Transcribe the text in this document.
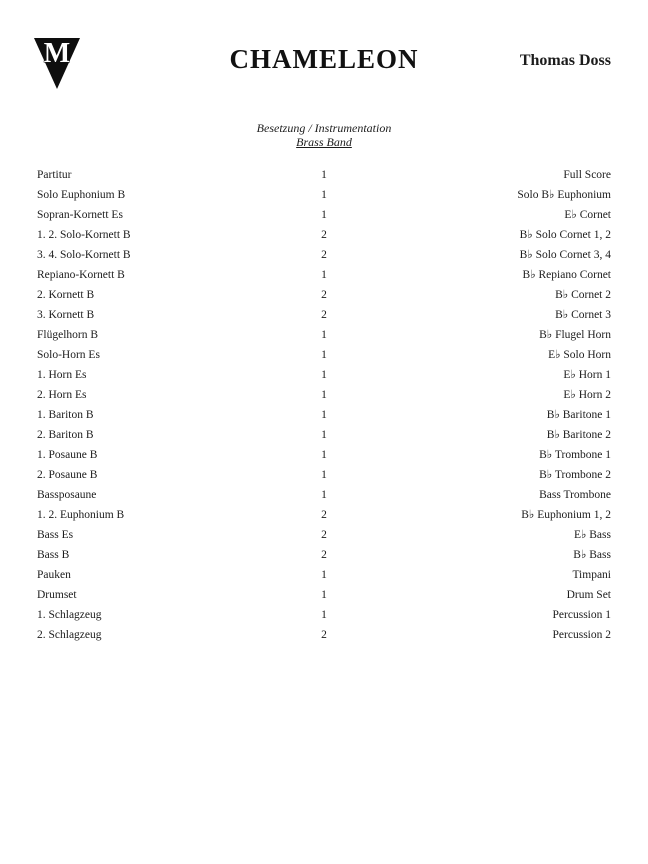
M	CHAMELEON	Thomas Doss
Besetzung / Instrumentation
Brass Band
Partitur	1	Full Score
Solo Euphonium B	1	Solo B♭ Euphonium
Sopran-Kornett Es	1	E♭ Cornet
1. 2. Solo-Kornett B	2	B♭ Solo Cornet 1, 2
3. 4. Solo-Kornett B	2	B♭ Solo Cornet 3, 4
Repiano-Kornett B	1	B♭ Repiano Cornet
2. Kornett B	2	B♭ Cornet 2
3. Kornett B	2	B♭ Cornet 3
Flügelhorn B	1	B♭ Flugel Horn
Solo-Horn Es	1	E♭ Solo Horn
1. Horn Es	1	E♭ Horn 1
2. Horn Es	1	E♭ Horn 2
1. Bariton B	1	B♭ Baritone 1
2. Bariton B	1	B♭ Baritone 2
1. Posaune B	1	B♭ Trombone 1
2. Posaune B	1	B♭ Trombone 2
Bassposaune	1	Bass Trombone
1. 2. Euphonium B	2	B♭ Euphonium 1, 2
Bass Es	2	E♭ Bass
Bass B	2	B♭ Bass
Pauken	1	Timpani
Drumset	1	Drum Set
1. Schlagzeug	1	Percussion 1
2. Schlagzeug	2	Percussion 2
